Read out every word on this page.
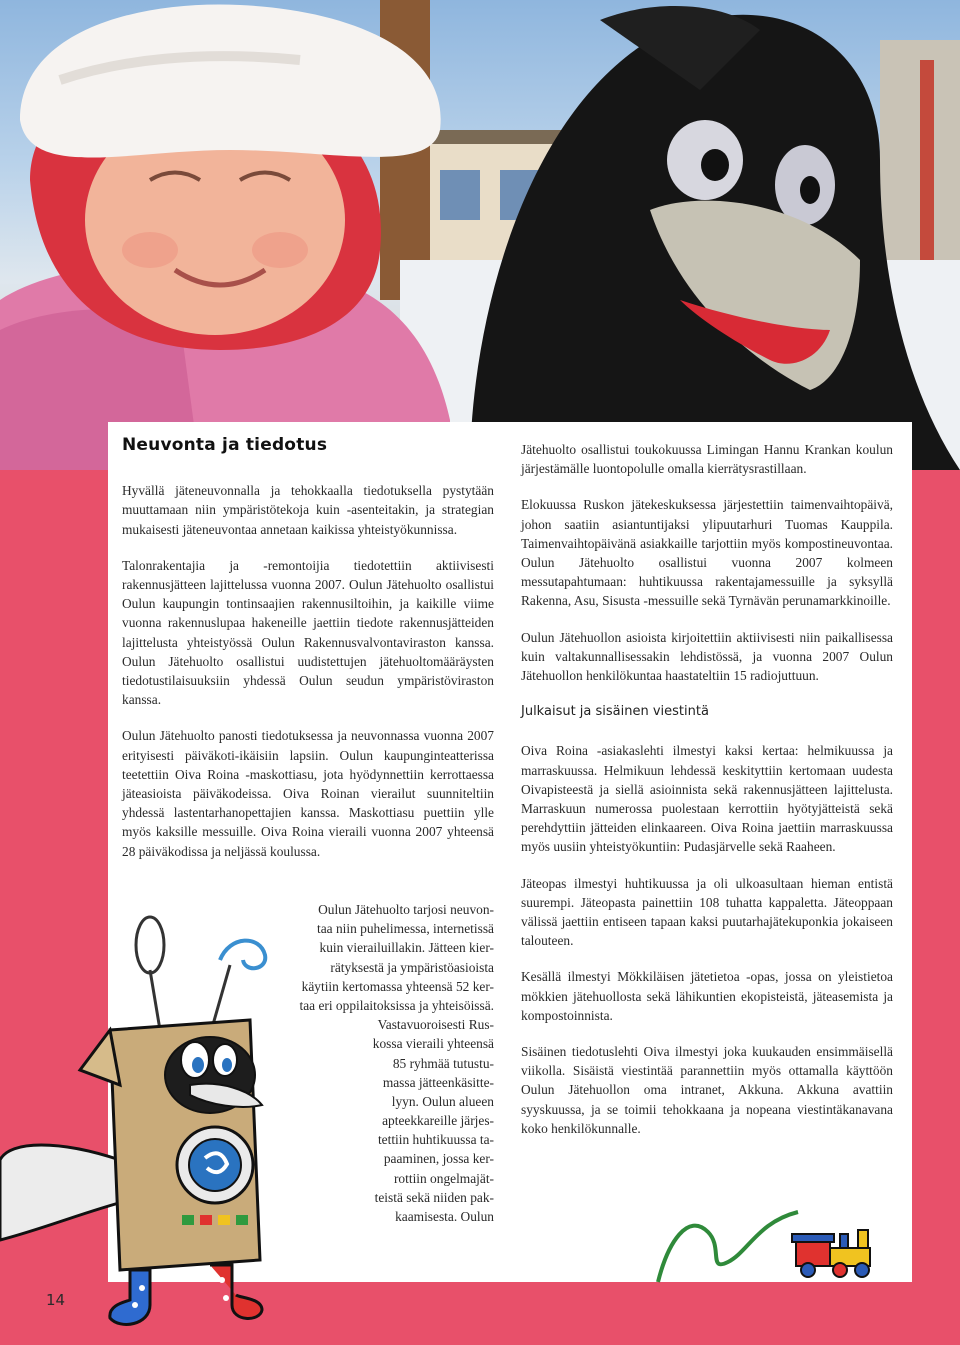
Neuvonta ja tiedotus

Hyvällä jäteneuvonnalla ja tehokkaalla tiedotuksella pystytään muuttamaan niin ympäristötekoja kuin -asenteitakin, ja strategian mukaisesti jäteneuvontaa annetaan kaikissa yhteistyökunnissa.

Talonrakentajia ja -remontoijia tiedotettiin aktiivisesti rakennusjätteen lajittelussa vuonna 2007. Oulun Jätehuolto osallistui Oulun kaupungin tontinsaajien rakennusiltoihin, ja kaikille viime vuonna rakennuslupaa hakeneille jaettiin tiedote rakennusjätteiden lajittelusta yhteistyössä Oulun Rakennusvalvontaviraston kanssa. Oulun Jätehuolto osallistui uudistettujen jätehuoltomääräysten tiedotustilaisuuksiin yhdessä Oulun seudun ympäristöviraston kanssa.

Oulun Jätehuolto panosti tiedotuksessa ja neuvonnassa vuonna 2007 erityisesti päiväkoti-ikäisiin lapsiin. Oulun kaupunginteatterissa teetettiin Oiva Roina -maskottiasu, jota hyödynnettiin kerrottaessa jäteasioista päiväkodeissa. Oiva Roinan vierailut suunniteltiin yhdessä lastentarhanopettajien kanssa. Maskottiasu puettiin ylle myös kaksille messuille. Oiva Roina vieraili vuonna 2007 yhteensä 28 päiväkodissa ja neljässä koulussa.

Oulun Jätehuolto tarjosi neuvon-
taa niin puhelimessa, internetissä
kuin vierailuillakin. Jätteen kier-
rätyksestä ja ympäristöasioista
käytiin kertomassa yhteensä 52 ker-
taa eri oppilaitoksissa ja yhteisöissä.
Vastavuoroisesti Rus-
kossa vieraili yhteensä
85 ryhmää tutustu-
massa jätteenkäsitte-
lyyn. Oulun alueen
apteekkareille järjes-
tettiin huhtikuussa ta-
paaminen, jossa ker-
rottiin ongelmajät-
teistä sekä niiden pak-
kaamisesta. Oulun

Jätehuolto osallistui toukokuussa Limingan Hannu Krankan koulun järjestämälle luontopolulle omalla kierrätysrastillaan.

Elokuussa Ruskon jätekeskuksessa järjestettiin taimenvaihtopäivä, johon saatiin asiantuntijaksi ylipuutarhuri Tuomas Kauppila. Taimenvaihtopäivänä asiakkaille tarjottiin myös kompostineuvontaa. Oulun Jätehuolto osallistui vuonna 2007 kolmeen messutapahtumaan: huhtikuussa rakentajamessuille ja syksyllä Rakenna, Asu, Sisusta -messuille sekä Tyrnävän perunamarkkinoille.

Oulun Jätehuollon asioista kirjoitettiin aktiivisesti niin paikallisessa kuin valtakunnallisessakin lehdistössä, ja vuonna 2007 Oulun Jätehuollon henkilökuntaa haastateltiin 15 radiojuttuun.

Julkaisut ja sisäinen viestintä

Oiva Roina -asiakaslehti ilmestyi kaksi kertaa: helmikuussa ja marraskuussa. Helmikuun lehdessä keskityttiin kertomaan uudesta Oivapisteestä ja siellä asioinnista sekä rakennusjätteen lajittelusta. Marraskuun numerossa puolestaan kerrottiin hyötyjätteistä sekä perehdyttiin jätteiden elinkaareen. Oiva Roina jaettiin marraskuussa myös uusiin yhteistyökuntiin: Pudasjärvelle sekä Raaheen.

Jäteopas ilmestyi huhtikuussa ja oli ulkoasultaan hieman entistä suurempi. Jäteopasta painettiin 108 tuhatta kappaletta. Jäteoppaan välissä jaettiin entiseen tapaan kaksi puutarhajätekuponkia jokaiseen talouteen.

Kesällä ilmestyi Mökkiläisen jätetietoa -opas, jossa on yleistietoa mökkien jätehuollosta sekä lähikuntien ekopisteistä, jäteasemista ja kompostoinnista.

Sisäinen tiedotuslehti Oiva ilmestyi joka kuukauden ensimmäisellä viikolla. Sisäistä viestintää parannettiin myös ottamalla käyttöön Oulun Jätehuollon oma intranet, Akkuna. Akkuna avattiin syyskuussa, ja se toimii tehokkaana ja nopeana viestintäkanavana koko henkilökunnalle.

14
